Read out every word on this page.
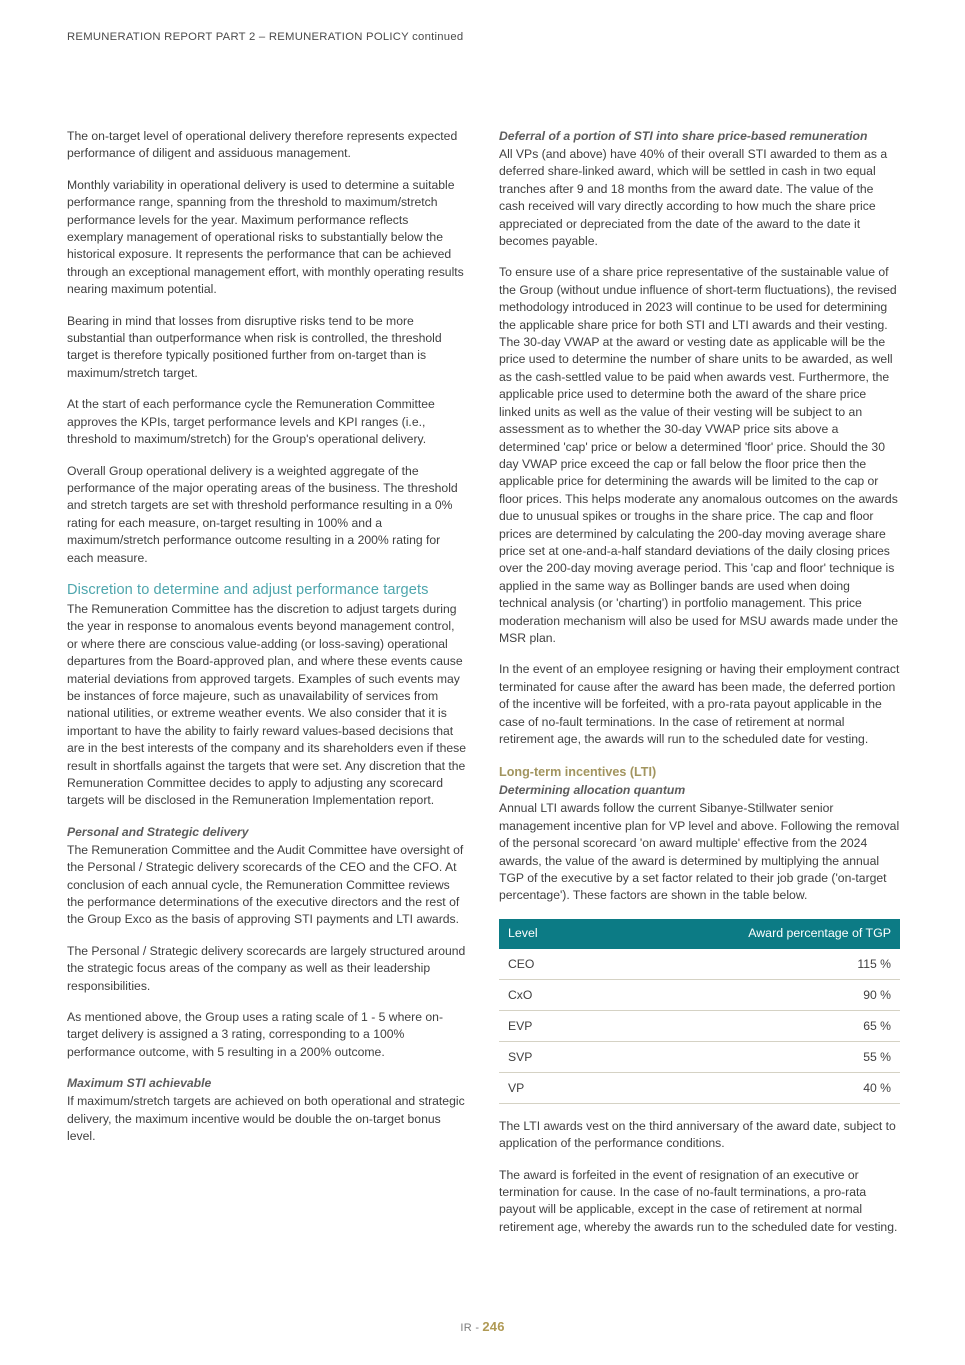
REMUNERATION REPORT PART 2 – REMUNERATION POLICY continued

The on-target level of operational delivery therefore represents expected performance of diligent and assiduous management.

Monthly variability in operational delivery is used to determine a suitable performance range, spanning from the threshold to maximum/stretch performance levels for the year. Maximum performance reflects exemplary management of operational risks to substantially below the historical exposure. It represents the performance that can be achieved through an exceptional management effort, with monthly operating results nearing maximum potential.

Bearing in mind that losses from disruptive risks tend to be more substantial than outperformance when risk is controlled, the threshold target is therefore typically positioned further from on-target than is maximum/stretch target.

At the start of each performance cycle the Remuneration Committee approves the KPIs, target performance levels and KPI ranges (i.e., threshold to maximum/stretch) for the Group's operational delivery.

Overall Group operational delivery is a weighted aggregate of the performance of the major operating areas of the business. The threshold and stretch targets are set with threshold performance resulting in a 0% rating for each measure, on-target resulting in 100% and a maximum/stretch performance outcome resulting in a 200% rating for each measure.

Discretion to determine and adjust performance targets

The Remuneration Committee has the discretion to adjust targets during the year in response to anomalous events beyond management control, or where there are conscious value-adding (or loss-saving) operational departures from the Board-approved plan, and where these events cause material deviations from approved targets. Examples of such events may be instances of force majeure, such as unavailability of services from national utilities, or extreme weather events. We also consider that it is important to have the ability to fairly reward values-based decisions that are in the best interests of the company and its shareholders even if these result in shortfalls against the targets that were set. Any discretion that the Remuneration Committee decides to apply to adjusting any scorecard targets will be disclosed in the Remuneration Implementation report.

Personal and Strategic delivery

The Remuneration Committee and the Audit Committee have oversight of the Personal / Strategic delivery scorecards of the CEO and the CFO. At conclusion of each annual cycle, the Remuneration Committee reviews the performance determinations of the executive directors and the rest of the Group Exco as the basis of approving STI payments and LTI awards.

The Personal / Strategic delivery scorecards are largely structured around the strategic focus areas of the company as well as their leadership responsibilities.

As mentioned above, the Group uses a rating scale of 1 - 5 where on-target delivery is assigned a 3 rating, corresponding to a 100% performance outcome, with 5 resulting in a 200% outcome.

Maximum STI achievable

If maximum/stretch targets are achieved on both operational and strategic delivery, the maximum incentive would be double the on-target bonus level.

Deferral of a portion of STI into share price-based remuneration

All VPs (and above) have 40% of their overall STI awarded to them as a deferred share-linked award, which will be settled in cash in two equal tranches after 9 and 18 months from the award date. The value of the cash received will vary directly according to how much the share price appreciated or depreciated from the date of the award to the date it becomes payable.

To ensure use of a share price representative of the sustainable value of the Group (without undue influence of short-term fluctuations), the revised methodology introduced in 2023 will continue to be used for determining the applicable share price for both STI and LTI awards and their vesting. The 30-day VWAP at the award or vesting date as applicable will be the price used to determine the number of share units to be awarded, as well as the cash-settled value to be paid when awards vest. Furthermore, the applicable price used to determine both the award of the share price linked units as well as the value of their vesting will be subject to an assessment as to whether the 30-day VWAP price sits above a determined 'cap' price or below a determined 'floor' price. Should the 30 day VWAP price exceed the cap or fall below the floor price then the applicable price for determining the awards will be limited to the cap or floor prices. This helps moderate any anomalous outcomes on the awards due to unusual spikes or troughs in the share price. The cap and floor prices are determined by calculating the 200-day moving average share price set at one-and-a-half standard deviations of the daily closing prices over the 200-day moving average period. This 'cap and floor' technique is applied in the same way as Bollinger bands are used when doing technical analysis (or 'charting') in portfolio management. This price moderation mechanism will also be used for MSU awards made under the MSR plan.

In the event of an employee resigning or having their employment contract terminated for cause after the award has been made, the deferred portion of the incentive will be forfeited, with a pro-rata payout applicable in the case of no-fault terminations. In the case of retirement at normal retirement age, the awards will run to the scheduled date for vesting.

Long-term incentives (LTI)
Determining allocation quantum

Annual LTI awards follow the current Sibanye-Stillwater senior management incentive plan for VP level and above. Following the removal of the personal scorecard 'on award multiple' effective from the 2024 awards, the value of the award is determined by multiplying the annual TGP of the executive by a set factor related to their job grade ('on-target percentage'). These factors are shown in the table below.

Level	Award percentage of TGP
CEO	115 %
CxO	90 %
EVP	65 %
SVP	55 %
VP	40 %

The LTI awards vest on the third anniversary of the award date, subject to application of the performance conditions.

The award is forfeited in the event of resignation of an executive or termination for cause. In the case of no-fault terminations, a pro-rata payout will be applicable, except in the case of retirement at normal retirement age, whereby the awards run to the scheduled date for vesting.

IR - 246
